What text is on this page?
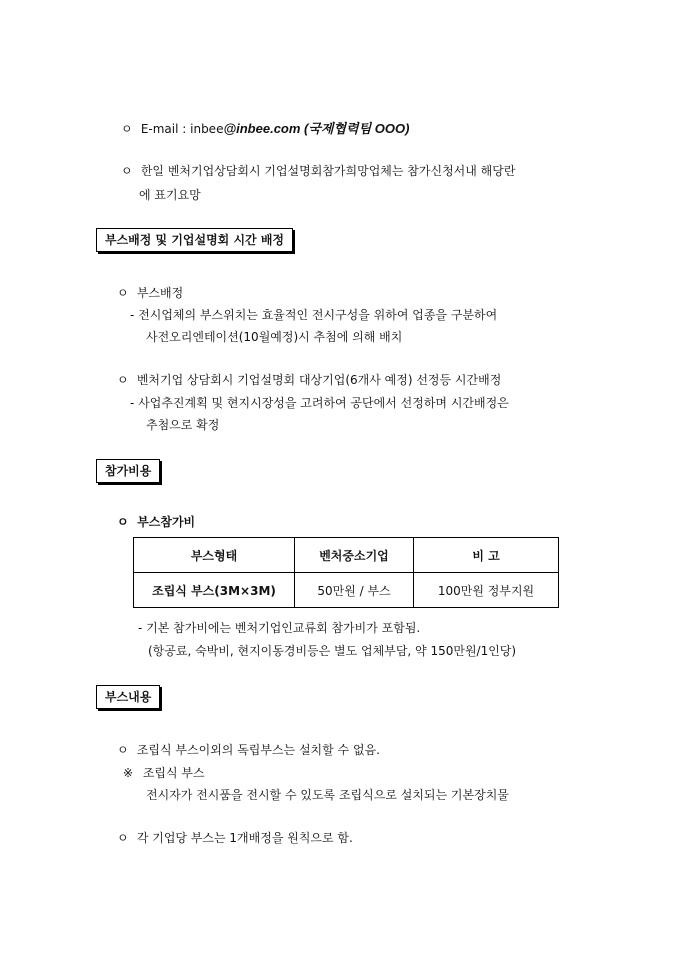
ㅇ E-mail : inbee@inbee.com (국제협력팀 OOO)
ㅇ 한일 벤처기업상담회시 기업설명회참가희망업체는 참가신청서내 해당란
에 표기요망
부스배정 및 기업설명회 시간 배정
ㅇ 부스배정
- 전시업체의 부스위치는 효율적인 전시구성을 위하여 업종을 구분하여
사전오리엔테이션(10월예정)시 추첨에 의해 배치
ㅇ 벤처기업 상담회시 기업설명회 대상기업(6개사 예정) 선정등 시간배정
- 사업추진계획 및 현지시장성을 고려하여 공단에서 선정하며 시간배정은
추첨으로 확정
참가비용
ㅇ 부스참가비
부스형태	벤처중소기업	비 고
조립식 부스(3M×3M)	50만원 / 부스	100만원 정부지원
- 기본 참가비에는 벤처기업인교류회 참가비가 포함됨.
(항공료, 숙박비, 현지이동경비등은 별도 업체부담, 약 150만원/1인당)
부스내용
ㅇ 조립식 부스이외의 독립부스는 설치할 수 없음.
※ 조립식 부스
전시자가 전시품을 전시할 수 있도록 조립식으로 설치되는 기본장치물
ㅇ 각 기업당 부스는 1개배정을 원칙으로 함.
